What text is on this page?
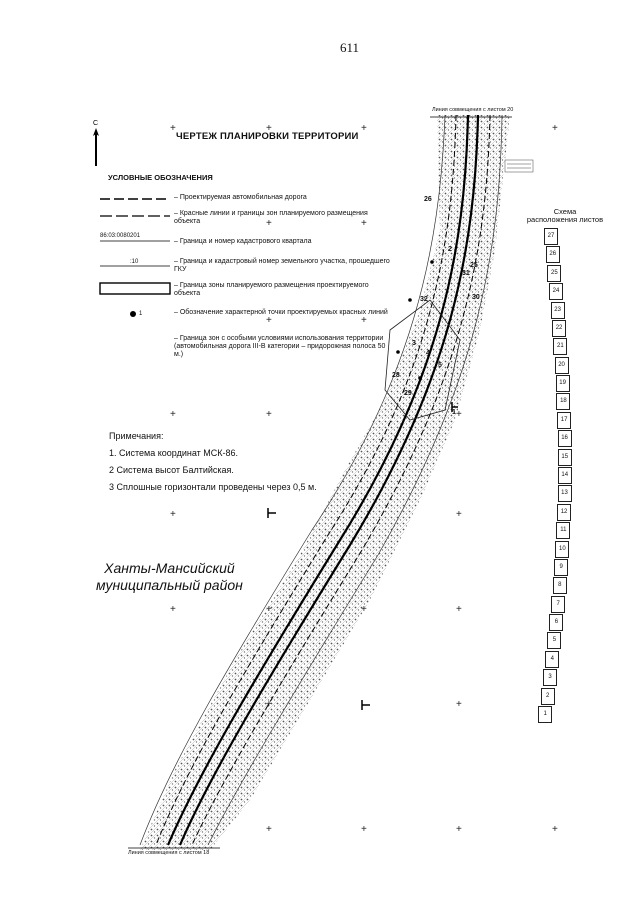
611
С
ЧЕРТЕЖ ПЛАНИРОВКИ ТЕРРИТОРИИ
УСЛОВНЫЕ ОБОЗНАЧЕНИЯ
– Проектируемая автомобильная дорога
– Красные линии и границы зон планируемого размещения объекта
86:03:0080201
– Граница и номер кадастрового квартала
:10	– Граница и кадастровый номер земельного участка, прошедшего ГКУ
– Граница зоны планируемого размещения проектируемого объекта
1	– Обозначение характерной точки проектируемых красных линий
– Граница зон с особыми условиями использования территории (автомобильная дорога III-В категории – придорожная полоса 50 м.)
Примечания:
1. Система координат МСК-86.
2 Система высот Балтийская.
3 Сплошные горизонтали проведены через 0,5 м.
Ханты-Мансийский
муниципальный район
Линия совмещения с листом 20
Линия совмещения с листом 18
26
28
29
30
31
32
5
4
3
2
1
25
+	+	+	+
+	+
+	+
+	+	+
+	+
+	+	+	+
+	+
+	+	+	+
Схема
расположения листов
27
26
25
24
23
22
21
20
19
18
17
16
15
14
13
12
11
10
9
8
7
6
5
4
3
2
1
